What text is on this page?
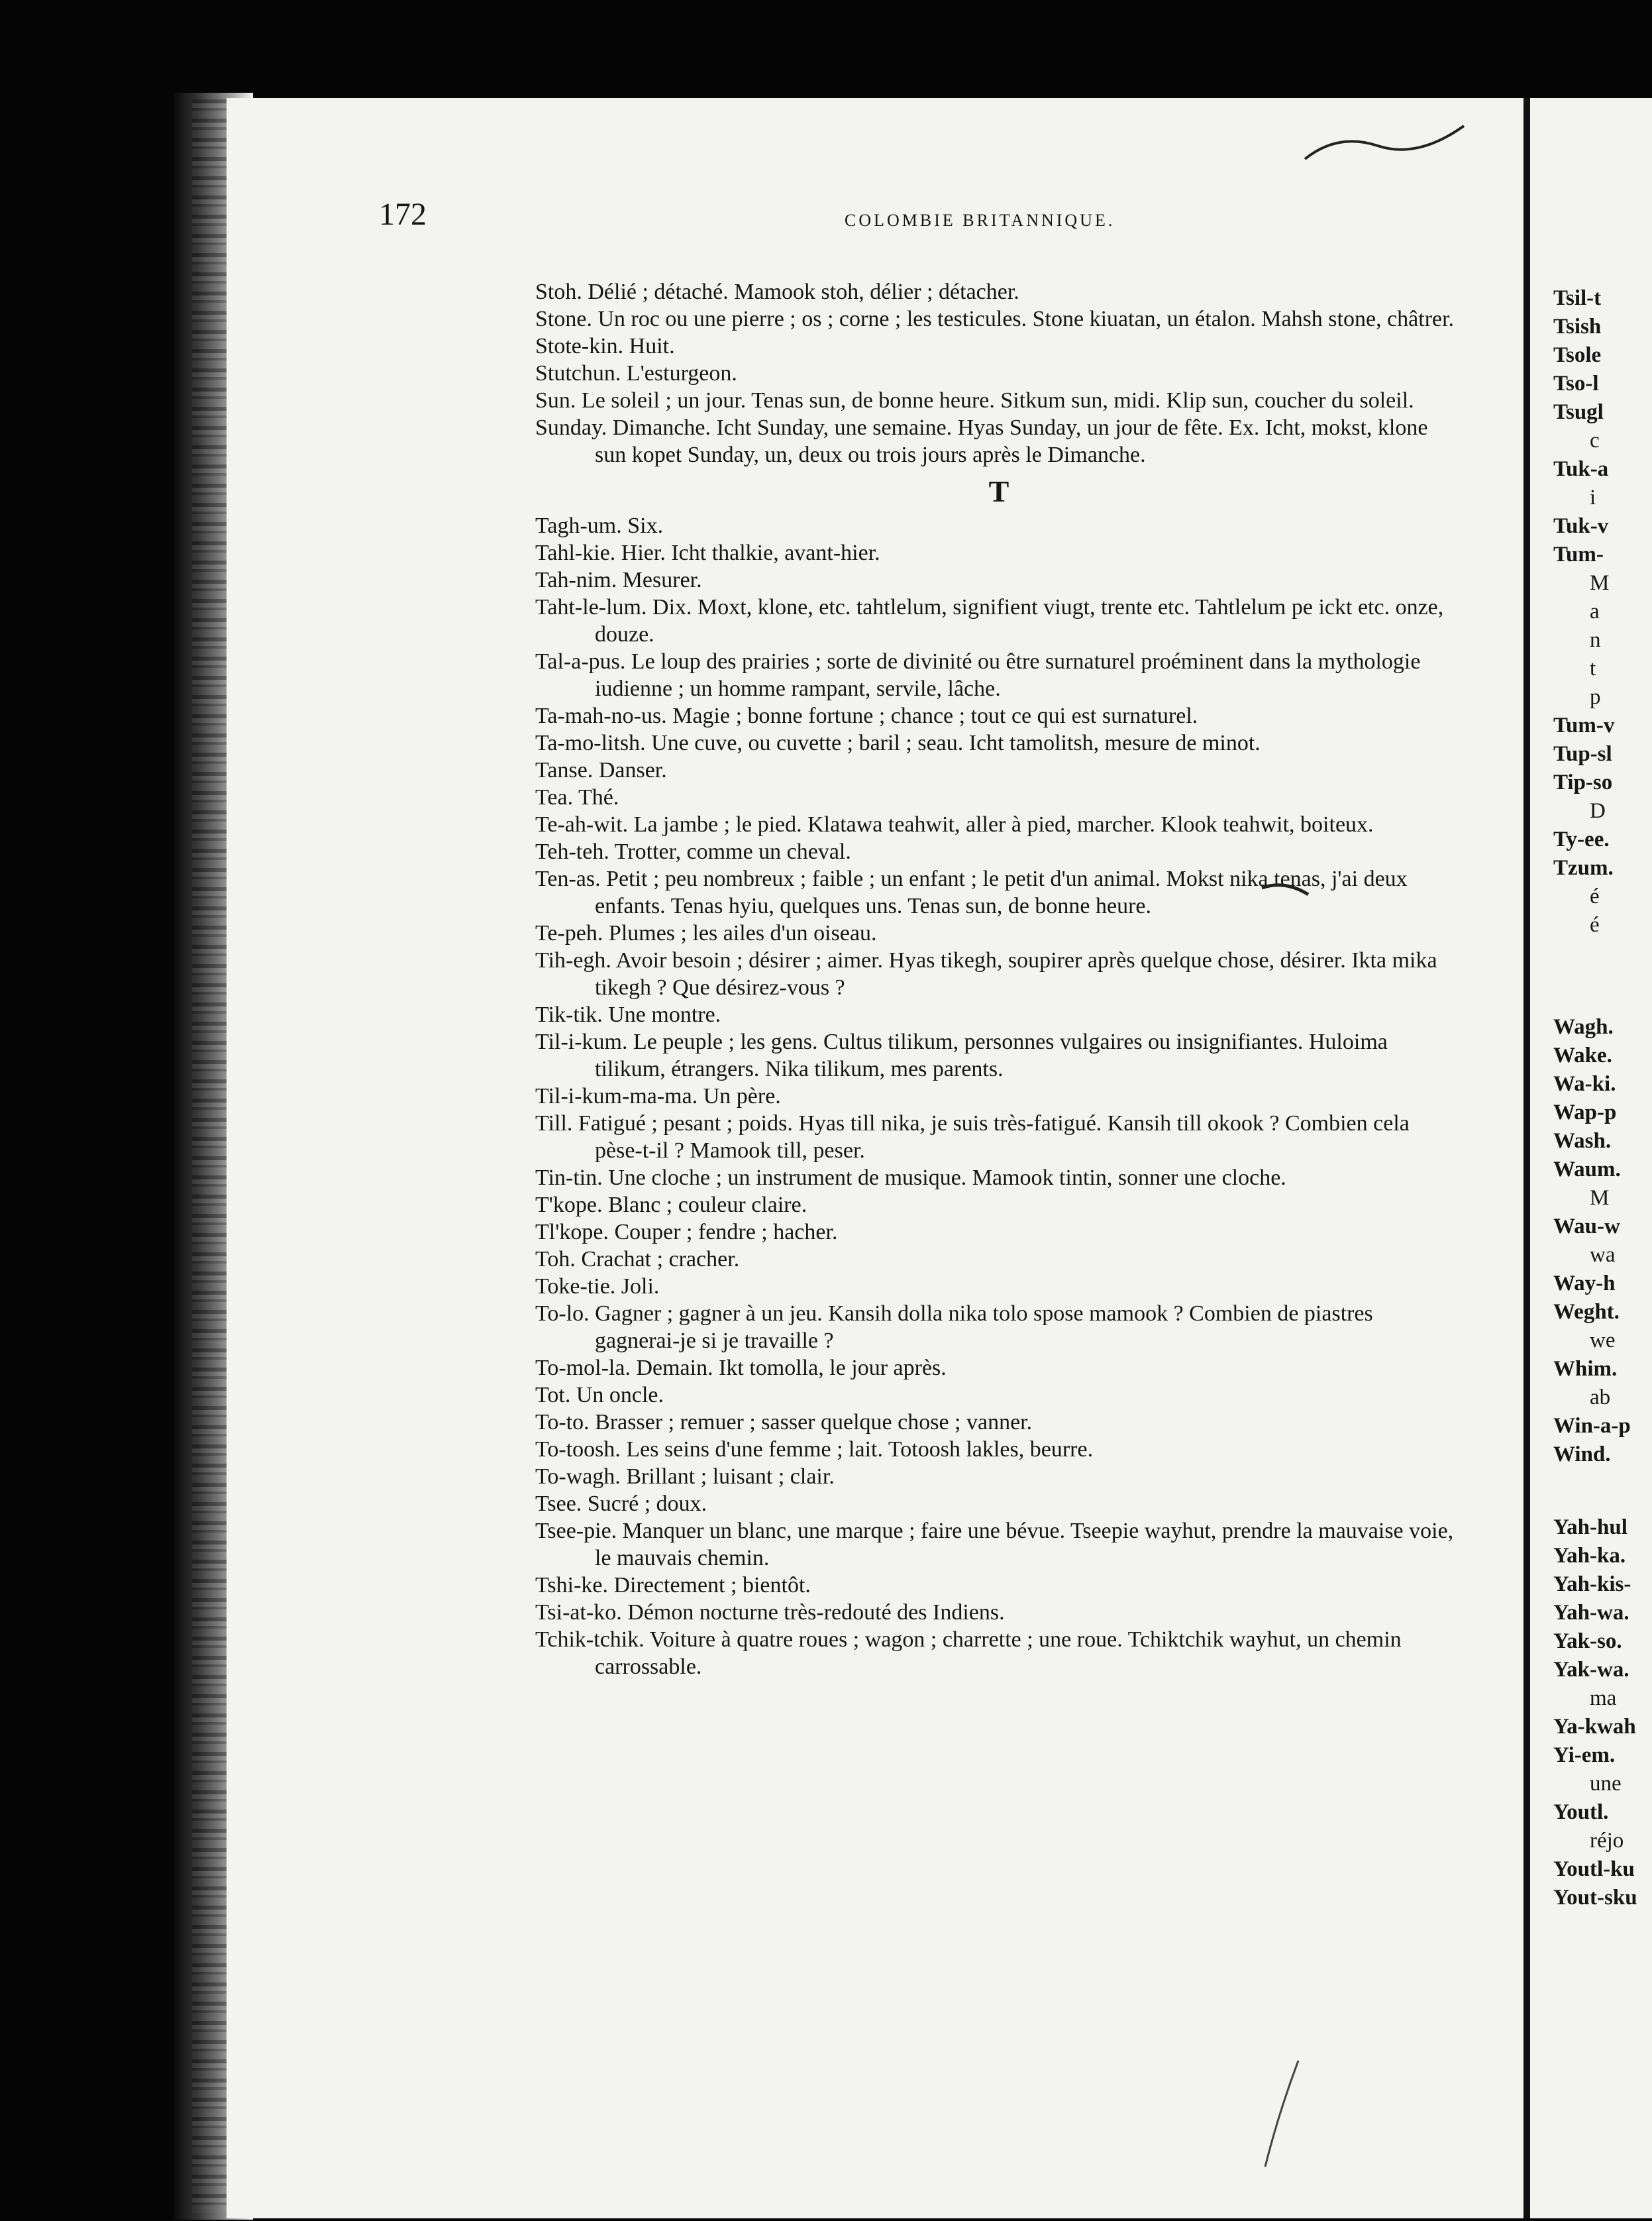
172	COLOMBIE BRITANNIQUE.

Stoh. Délié ; détaché. Mamook stoh, délier ; détacher.

Stone. Un roc ou une pierre ; os ; corne ; les testicules. Stone kiuatan, un étalon. Mahsh stone, châtrer.

Stote-kin. Huit.

Stutchun. L'esturgeon.

Sun. Le soleil ; un jour. Tenas sun, de bonne heure. Sitkum sun, midi. Klip sun, coucher du soleil.

Sunday. Dimanche. Icht Sunday, une semaine. Hyas Sunday, un jour de fête. Ex. Icht, mokst, klone sun kopet Sunday, un, deux ou trois jours après le Dimanche.

T

Tagh-um. Six.

Tahl-kie. Hier. Icht thalkie, avant-hier.

Tah-nim. Mesurer.

Taht-le-lum. Dix. Moxt, klone, etc. tahtlelum, signifient viugt, trente etc. Tahtlelum pe ickt etc. onze, douze.

Tal-a-pus. Le loup des prairies ; sorte de divinité ou être surnaturel proéminent dans la mythologie iudienne ; un homme rampant, servile, lâche.

Ta-mah-no-us. Magie ; bonne fortune ; chance ; tout ce qui est surnaturel.

Ta-mo-litsh. Une cuve, ou cuvette ; baril ; seau. Icht tamolitsh, mesure de minot.

Tanse. Danser.

Tea. Thé.

Te-ah-wit. La jambe ; le pied. Klatawa teahwit, aller à pied, marcher. Klook teahwit, boiteux.

Teh-teh. Trotter, comme un cheval.

Ten-as. Petit ; peu nombreux ; faible ; un enfant ; le petit d'un animal. Mokst nika tenas, j'ai deux enfants. Tenas hyiu, quelques uns. Tenas sun, de bonne heure.

Te-peh. Plumes ; les ailes d'un oiseau.

Tih-egh. Avoir besoin ; désirer ; aimer. Hyas tikegh, soupirer après quelque chose, désirer. Ikta mika tikegh ? Que désirez-vous ?

Tik-tik. Une montre.

Til-i-kum. Le peuple ; les gens. Cultus tilikum, personnes vulgaires ou insignifiantes. Huloima tilikum, étrangers. Nika tilikum, mes parents.

Til-i-kum-ma-ma. Un père.

Till. Fatigué ; pesant ; poids. Hyas till nika, je suis très-fatigué. Kansih till okook ? Combien cela pèse-t-il ? Mamook till, peser.

Tin-tin. Une cloche ; un instrument de musique. Mamook tintin, sonner une cloche.

T'kope. Blanc ; couleur claire.

Tl'kope. Couper ; fendre ; hacher.

Toh. Crachat ; cracher.

Toke-tie. Joli.

To-lo. Gagner ; gagner à un jeu. Kansih dolla nika tolo spose mamook ? Combien de piastres gagnerai-je si je travaille ?

To-mol-la. Demain. Ikt tomolla, le jour après.

Tot. Un oncle.

To-to. Brasser ; remuer ; sasser quelque chose ; vanner.

To-toosh. Les seins d'une femme ; lait. Totoosh lakles, beurre.

To-wagh. Brillant ; luisant ; clair.

Tsee. Sucré ; doux.

Tsee-pie. Manquer un blanc, une marque ; faire une bévue. Tseepie wayhut, prendre la mauvaise voie, le mauvais chemin.

Tshi-ke. Directement ; bientôt.

Tsi-at-ko. Démon nocturne très-redouté des Indiens.

Tchik-tchik. Voiture à quatre roues ; wagon ; charrette ; une roue. Tchiktchik wayhut, un chemin carrossable.

Tsil-t
Tsish
Tsole
Tso-l
Tsugl
c
Tuk-a
i
Tuk-v
Tum-
M
a
n
t
p
Tum-v
Tup-sl
Tip-so
D
Ty-ee.
Tzum.
é
é
Wagh.
Wake.
Wa-ki.
Wap-p
Wash.
Waum.
M
Wau-w
wa
Way-h
Weght.
we
Whim.
ab
Win-a-p
Wind.
Yah-hul
Yah-ka.
Yah-kis-
Yah-wa.
Yak-so.
Yak-wa.
ma
Ya-kwah
Yi-em.
une
Youtl.
réjo
Youtl-ku
Yout-sku
